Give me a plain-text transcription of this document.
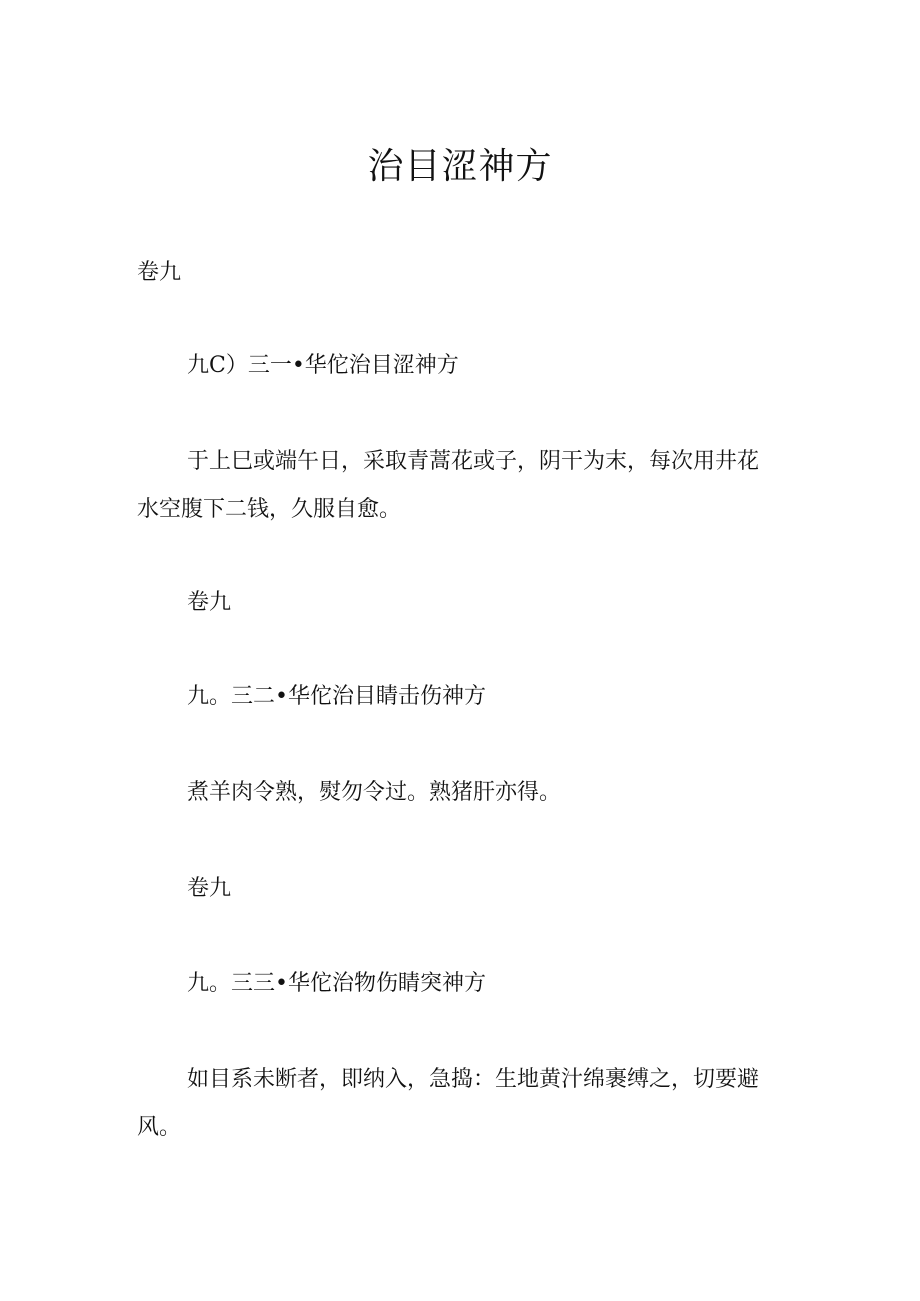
治目涩神方

卷九

九C）三一•华佗治目涩神方

于上巳或端午日，采取青蒿花或子，阴干为末，每次用井花水空腹下二钱，久服自愈。

卷九

九。三二•华佗治目睛击伤神方

煮羊肉令熟，熨勿令过。熟猪肝亦得。

卷九

九。三三•华佗治物伤睛突神方

如目系未断者，即纳入，急捣：生地黄汁绵裹缚之，切要避风。
